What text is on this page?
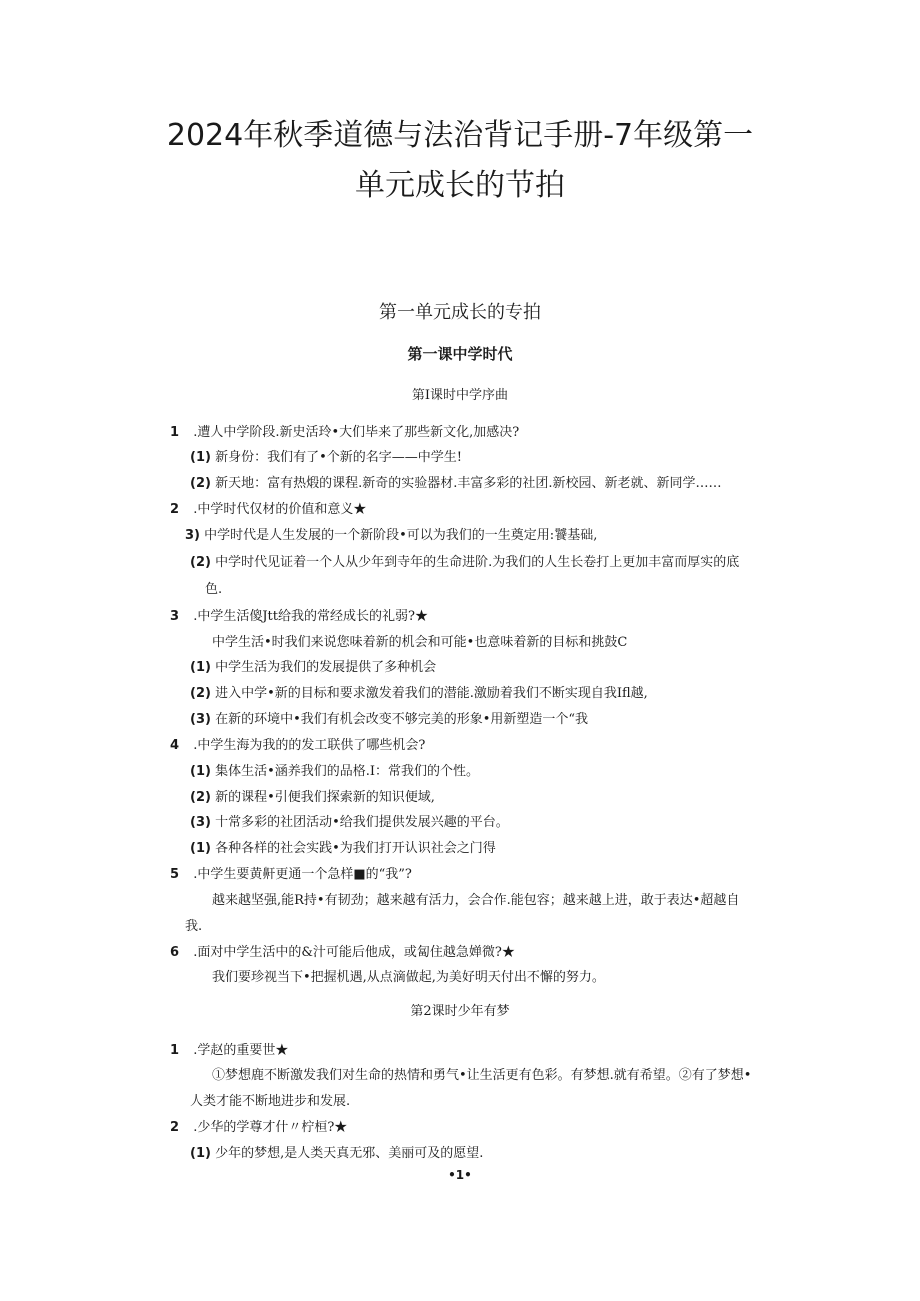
2024年秋季道德与法治背记手册-7年级第一
单元成长的节拍
第一单元成长的专拍
第一课中学时代
第I课时中学序曲
1 .遭人中学阶段.新史活玲•大们毕来了那些新文化,加感决?
(1) 新身份：我们有了•个新的名字——中学生!
(2) 新天地：富有热煅的课程.新奇的实验器材.丰富多彩的社团.新校园、新老就、新同学……
2 .中学时代仅材的价值和意义★
3) 中学时代是人生发展的一个新阶段•可以为我们的一生奠定用:饕基础,
(2) 中学时代见证着一个人从少年到寺年的生命进阶.为我们的人生长卷打上更加丰富而厚实的底
色.
3 .中学生活傻Jtt给我的常经成长的礼弱?★
中学生活•时我们来说您味着新的机会和可能•也意味着新的目标和挑鼓C
(1) 中学生活为我们的发展提供了多种机会
(2) 进入中学•新的目标和要求激发着我们的潜能.激励着我们不断实现自我Ifl越,
(3) 在新的环境中•我们有机会改变不够完美的形象•用新塑造一个“我
4 .中学生海为我的的发工联供了哪些机会?
(1) 集体生活•涵养我们的品格.I：常我们的个性。
(2) 新的课程•引便我们探索新的知识便域,
(3) 十常多彩的社团活动•给我们提供发展兴趣的平台。
(1) 各种各样的社会实践•为我们打开认识社会之门得
5 .中学生要黄鼾更通一个急样■的“我”?
越来越坚强,能R持•有韧劲；越来越有活力，会合作.能包容；越来越上进，敢于表达•超越自
我.
6 .面对中学生活中的&汁可能后他成，或匐住越急婵微?★
我们要珍视当下•把握机遇,从点滴做起,为美好明天付出不懈的努力。
第2课时少年有梦
1 .学赵的重要世★
①梦想鹿不断激发我们对生命的热情和勇气•让生活更有色彩。有梦想.就有希望。②有了梦想•
人类才能不断地进步和发展.
2 .少华的学尊才什〃柠桓?★
(1) 少年的梦想,是人类天真无邪、美丽可及的愿望.
•1•
